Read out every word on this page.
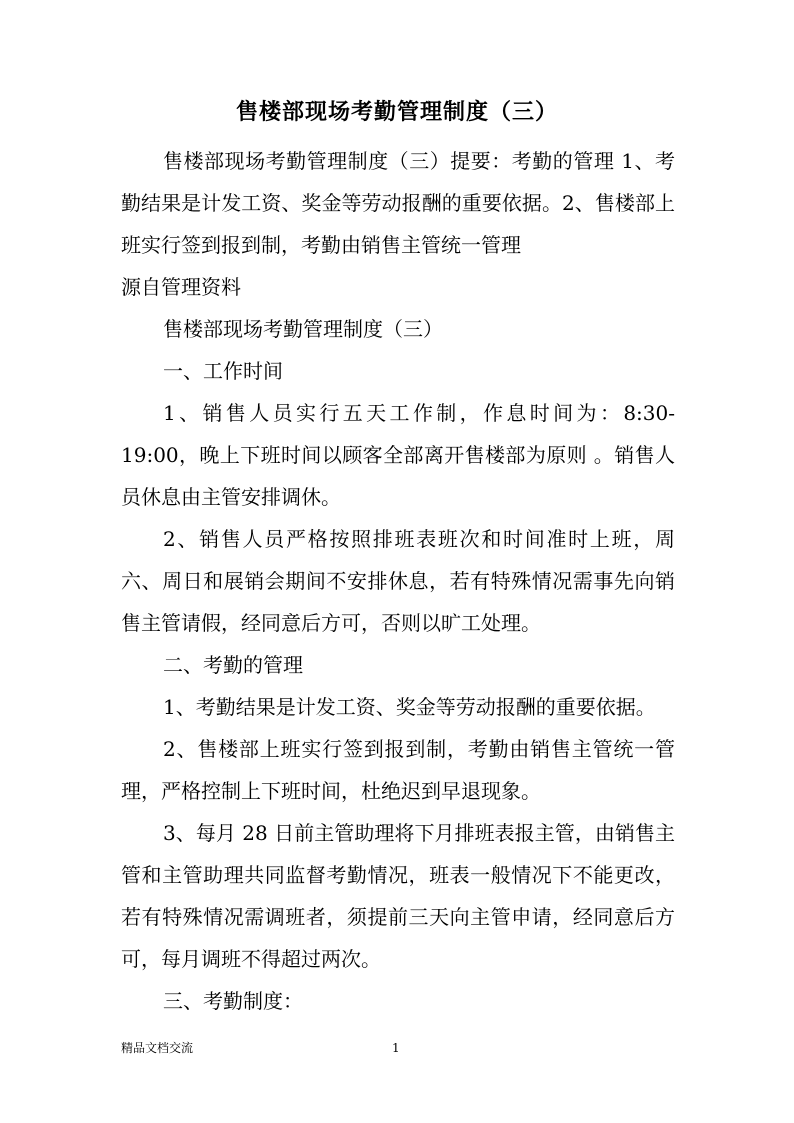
售楼部现场考勤管理制度（三）

售楼部现场考勤管理制度（三）提要：考勤的管理 1、考勤结果是计发工资、奖金等劳动报酬的重要依据。2、售楼部上班实行签到报到制，考勤由销售主管统一管理

源自管理资料

售楼部现场考勤管理制度（三）

一、工作时间

1、销售人员实行五天工作制，作息时间为：8:30-19:00，晚上下班时间以顾客全部离开售楼部为原则 。销售人员休息由主管安排调休。

2、销售人员严格按照排班表班次和时间准时上班，周六、周日和展销会期间不安排休息，若有特殊情况需事先向销售主管请假，经同意后方可，否则以旷工处理。

二、考勤的管理

1、考勤结果是计发工资、奖金等劳动报酬的重要依据。

2、售楼部上班实行签到报到制，考勤由销售主管统一管理，严格控制上下班时间，杜绝迟到早退现象。

3、每月 28 日前主管助理将下月排班表报主管，由销售主管和主管助理共同监督考勤情况，班表一般情况下不能更改，若有特殊情况需调班者，须提前三天向主管申请，经同意后方可，每月调班不得超过两次。

三、考勤制度：

精品文档交流	1
